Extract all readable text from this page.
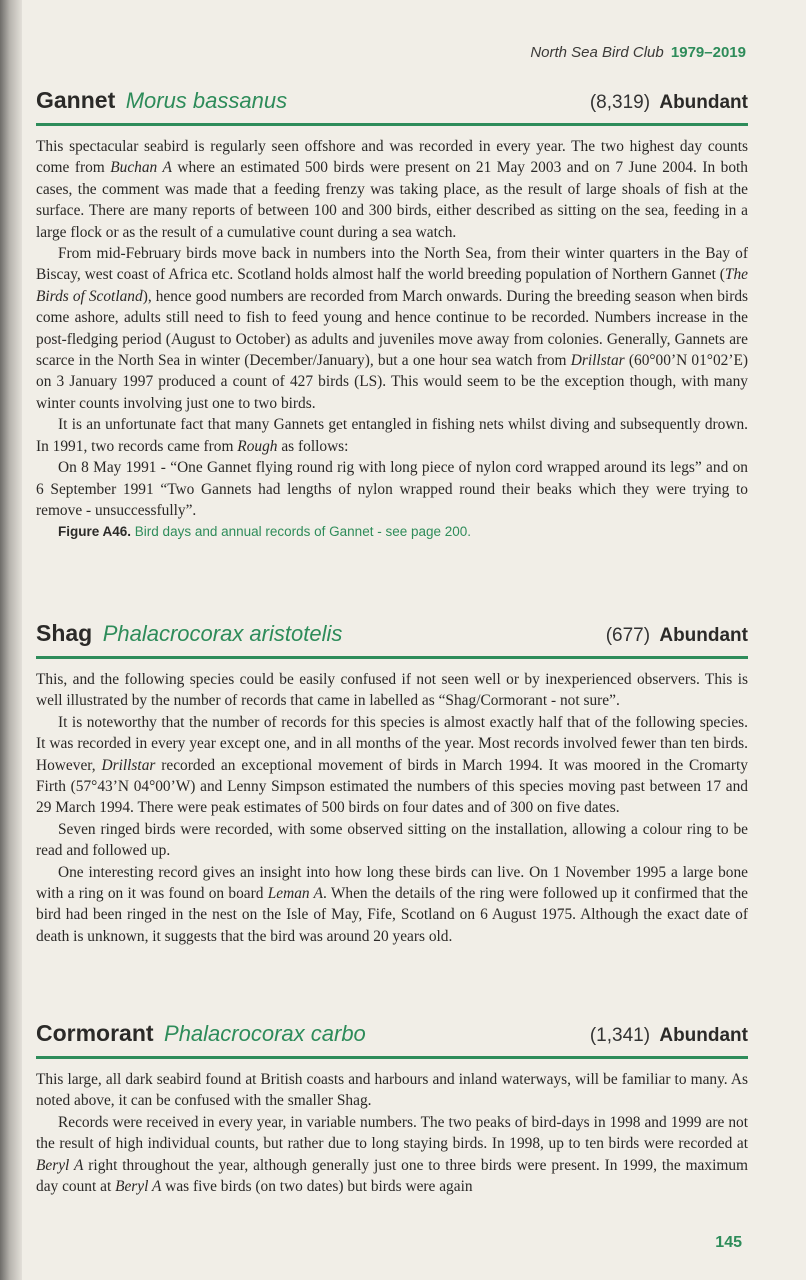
North Sea Bird Club 1979–2019
Gannet Morus bassanus	(8,319) Abundant

This spectacular seabird is regularly seen offshore and was recorded in every year. The two highest day counts come from Buchan A where an estimated 500 birds were present on 21 May 2003 and on 7 June 2004. In both cases, the comment was made that a feeding frenzy was taking place, as the result of large shoals of fish at the surface. There are many reports of between 100 and 300 birds, either described as sitting on the sea, feeding in a large flock or as the result of a cumulative count during a sea watch.

From mid-February birds move back in numbers into the North Sea, from their winter quarters in the Bay of Biscay, west coast of Africa etc. Scotland holds almost half the world breeding population of Northern Gannet (The Birds of Scotland), hence good numbers are recorded from March onwards. During the breeding season when birds come ashore, adults still need to fish to feed young and hence continue to be recorded. Numbers increase in the post-fledging period (August to October) as adults and juveniles move away from colonies. Generally, Gannets are scarce in the North Sea in winter (December/January), but a one hour sea watch from Drillstar (60°00’N 01°02’E) on 3 January 1997 produced a count of 427 birds (LS). This would seem to be the exception though, with many winter counts involving just one to two birds.

It is an unfortunate fact that many Gannets get entangled in fishing nets whilst diving and subsequently drown. In 1991, two records came from Rough as follows:

On 8 May 1991 - “One Gannet flying round rig with long piece of nylon cord wrapped around its legs” and on 6 September 1991 “Two Gannets had lengths of nylon wrapped round their beaks which they were trying to remove - unsuccessfully”.

Figure A46. Bird days and annual records of Gannet - see page 200.
Shag Phalacrocorax aristotelis	(677) Abundant

This, and the following species could be easily confused if not seen well or by inexperienced observers. This is well illustrated by the number of records that came in labelled as “Shag/Cormorant - not sure”.

It is noteworthy that the number of records for this species is almost exactly half that of the following species. It was recorded in every year except one, and in all months of the year. Most records involved fewer than ten birds. However, Drillstar recorded an exceptional movement of birds in March 1994. It was moored in the Cromarty Firth (57°43’N 04°00’W) and Lenny Simpson estimated the numbers of this species moving past between 17 and 29 March 1994. There were peak estimates of 500 birds on four dates and of 300 on five dates.

Seven ringed birds were recorded, with some observed sitting on the installation, allowing a colour ring to be read and followed up.

One interesting record gives an insight into how long these birds can live. On 1 November 1995 a large bone with a ring on it was found on board Leman A. When the details of the ring were followed up it confirmed that the bird had been ringed in the nest on the Isle of May, Fife, Scotland on 6 August 1975. Although the exact date of death is unknown, it suggests that the bird was around 20 years old.

Cormorant Phalacrocorax carbo	(1,341) Abundant

This large, all dark seabird found at British coasts and harbours and inland waterways, will be familiar to many. As noted above, it can be confused with the smaller Shag.

Records were received in every year, in variable numbers. The two peaks of bird-days in 1998 and 1999 are not the result of high individual counts, but rather due to long staying birds. In 1998, up to ten birds were recorded at Beryl A right throughout the year, although generally just one to three birds were present. In 1999, the maximum day count at Beryl A was five birds (on two dates) but birds were again

145
